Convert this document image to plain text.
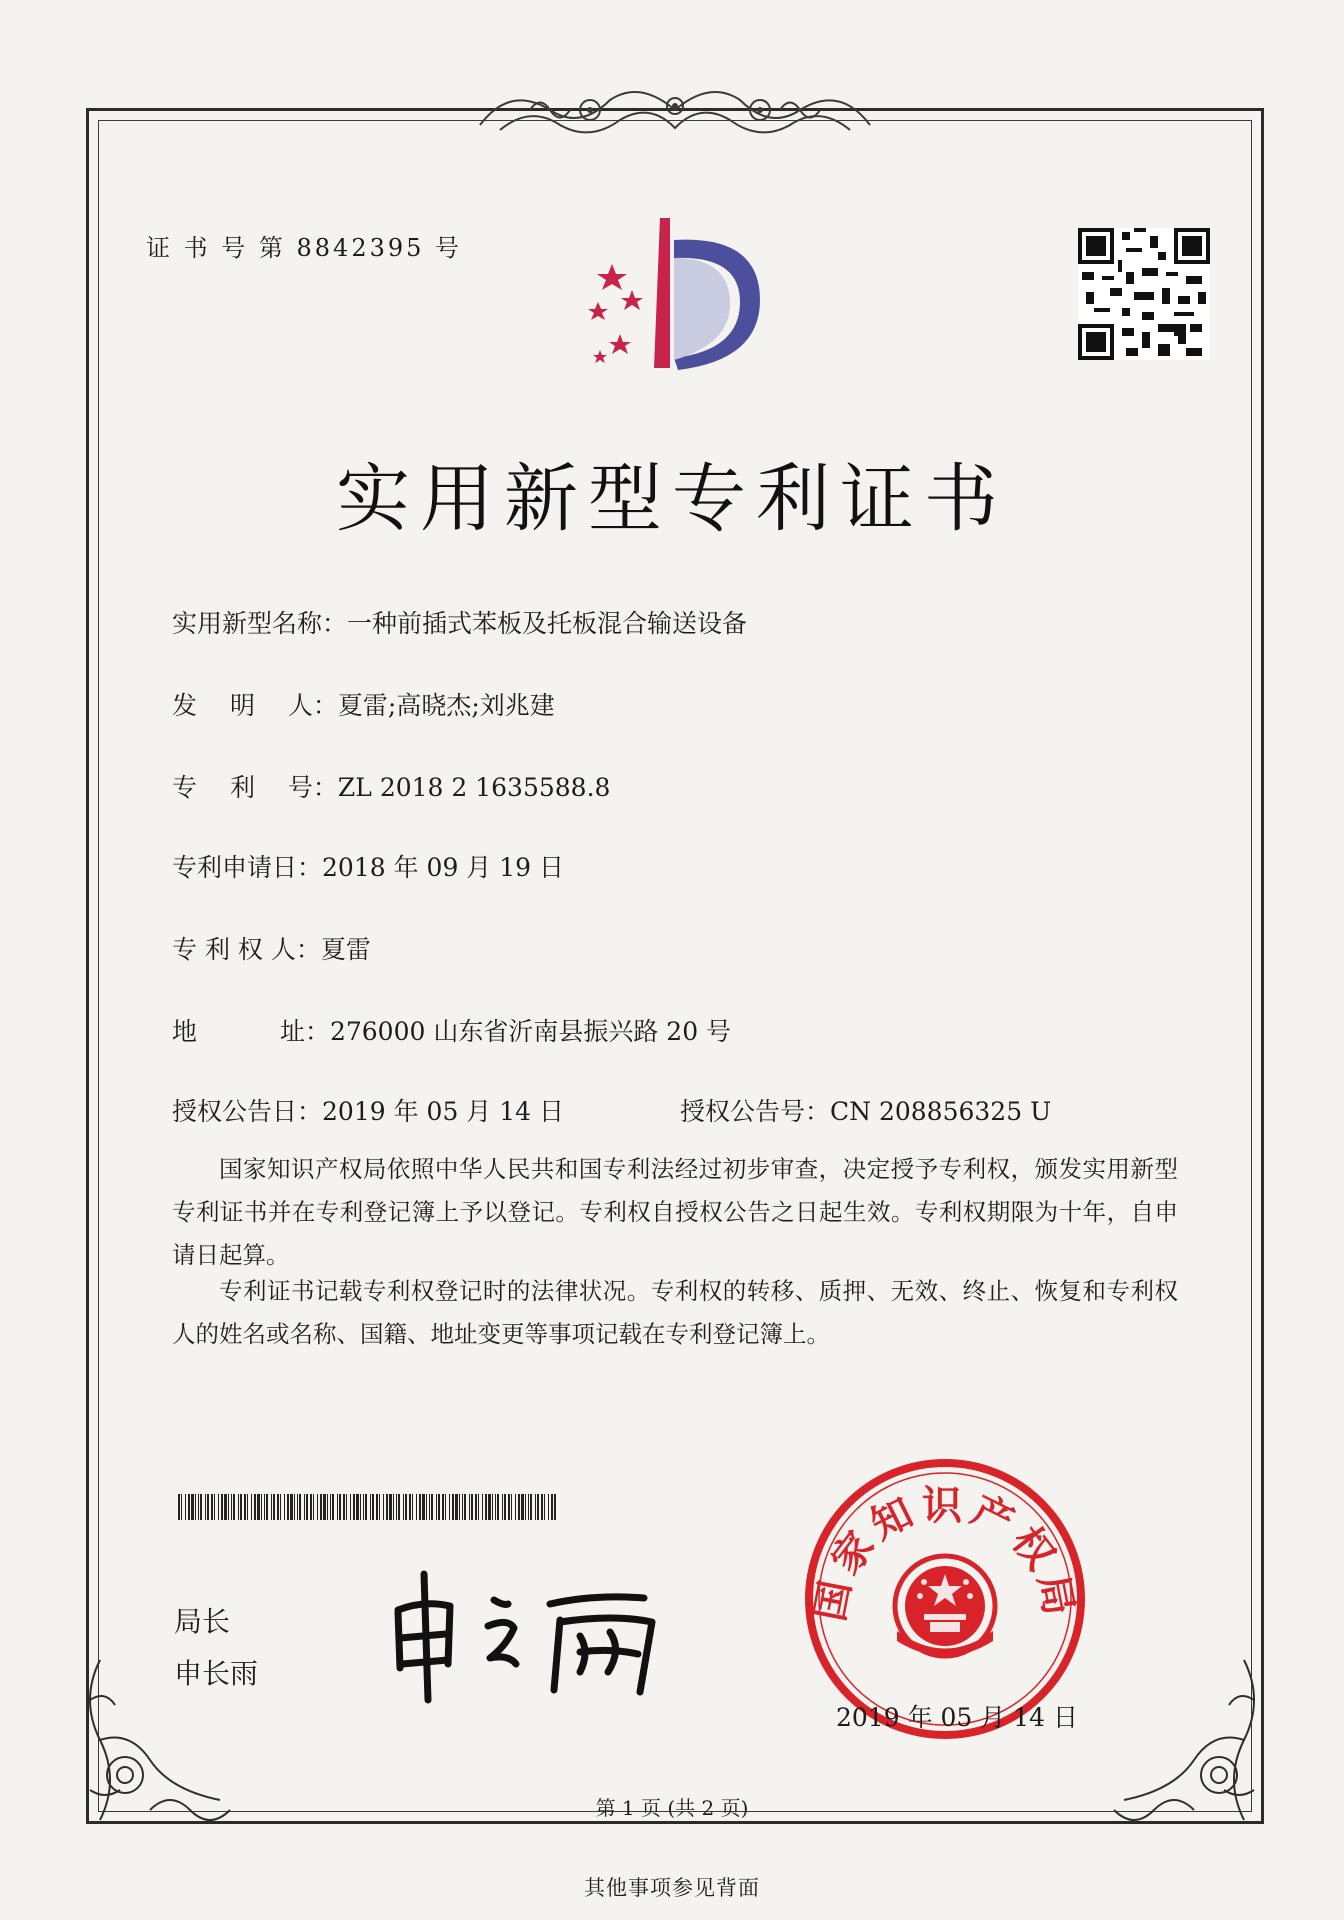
证 书 号 第 8842395 号
实用新型专利证书
实用新型名称：一种前插式苯板及托板混合输送设备
发　 明　 人：夏雷;高晓杰;刘兆建
专　 利　 号：ZL 2018 2 1635588.8
专利申请日：2018 年 09 月 19 日
专 利 权 人：夏雷
地　　　 址：276000 山东省沂南县振兴路 20 号
授权公告日：2019 年 05 月 14 日	授权公告号：CN 208856325 U
国家知识产权局依照中华人民共和国专利法经过初步审查，决定授予专利权，颁发实用新型专利证书并在专利登记簿上予以登记。专利权自授权公告之日起生效。专利权期限为十年，自申请日起算。
专利证书记载专利权登记时的法律状况。专利权的转移、质押、无效、终止、恢复和专利权人的姓名或名称、国籍、地址变更等事项记载在专利登记簿上。
局长
申长雨
国家知识产权局
2019 年 05 月 14 日
第 1 页 (共 2 页)
其他事项参见背面
